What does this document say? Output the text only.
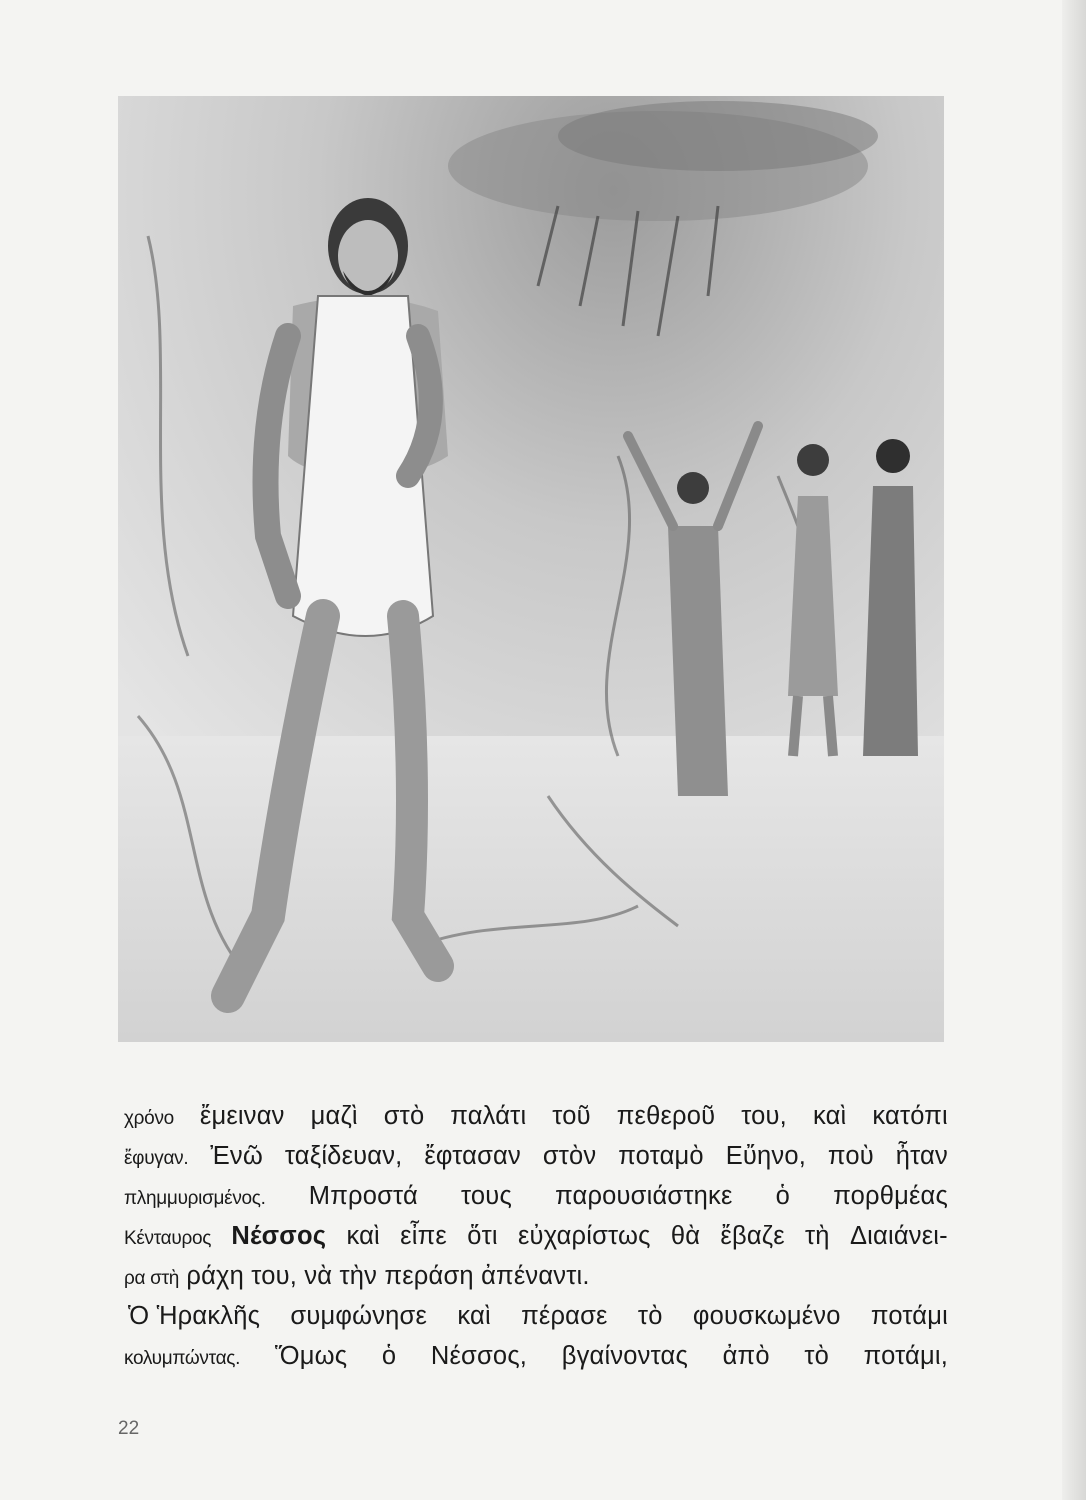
χρόνο ἔμειναν μαζὶ στὸ παλάτι τοῦ πεθεροῦ του, καὶ κατόπι
ἔφυγαν. Ἐνῶ ταξίδευαν, ἔφτασαν στὸν ποταμὸ Εὔηνο, ποὺ ἦταν
πλημμυρισμένος. Μπροστά τους παρουσιάστηκε ὁ πορθμέας
Κένταυρος Νέσσος καὶ εἶπε ὅτι εὐχαρίστως θὰ ἔβαζε τὴ Διαιάνει-
ρα στὴ
ράχη
του,
νὰ
τὴν
περάση
ἀπέναντι.
Ὁ Ἡρακλῆς συμφώνησε καὶ πέρασε τὸ φουσκωμένο ποτάμι
κολυμπώντας. Ὅμως ὁ Νέσσος, βγαίνοντας ἀπὸ τὸ ποτάμι,
22
